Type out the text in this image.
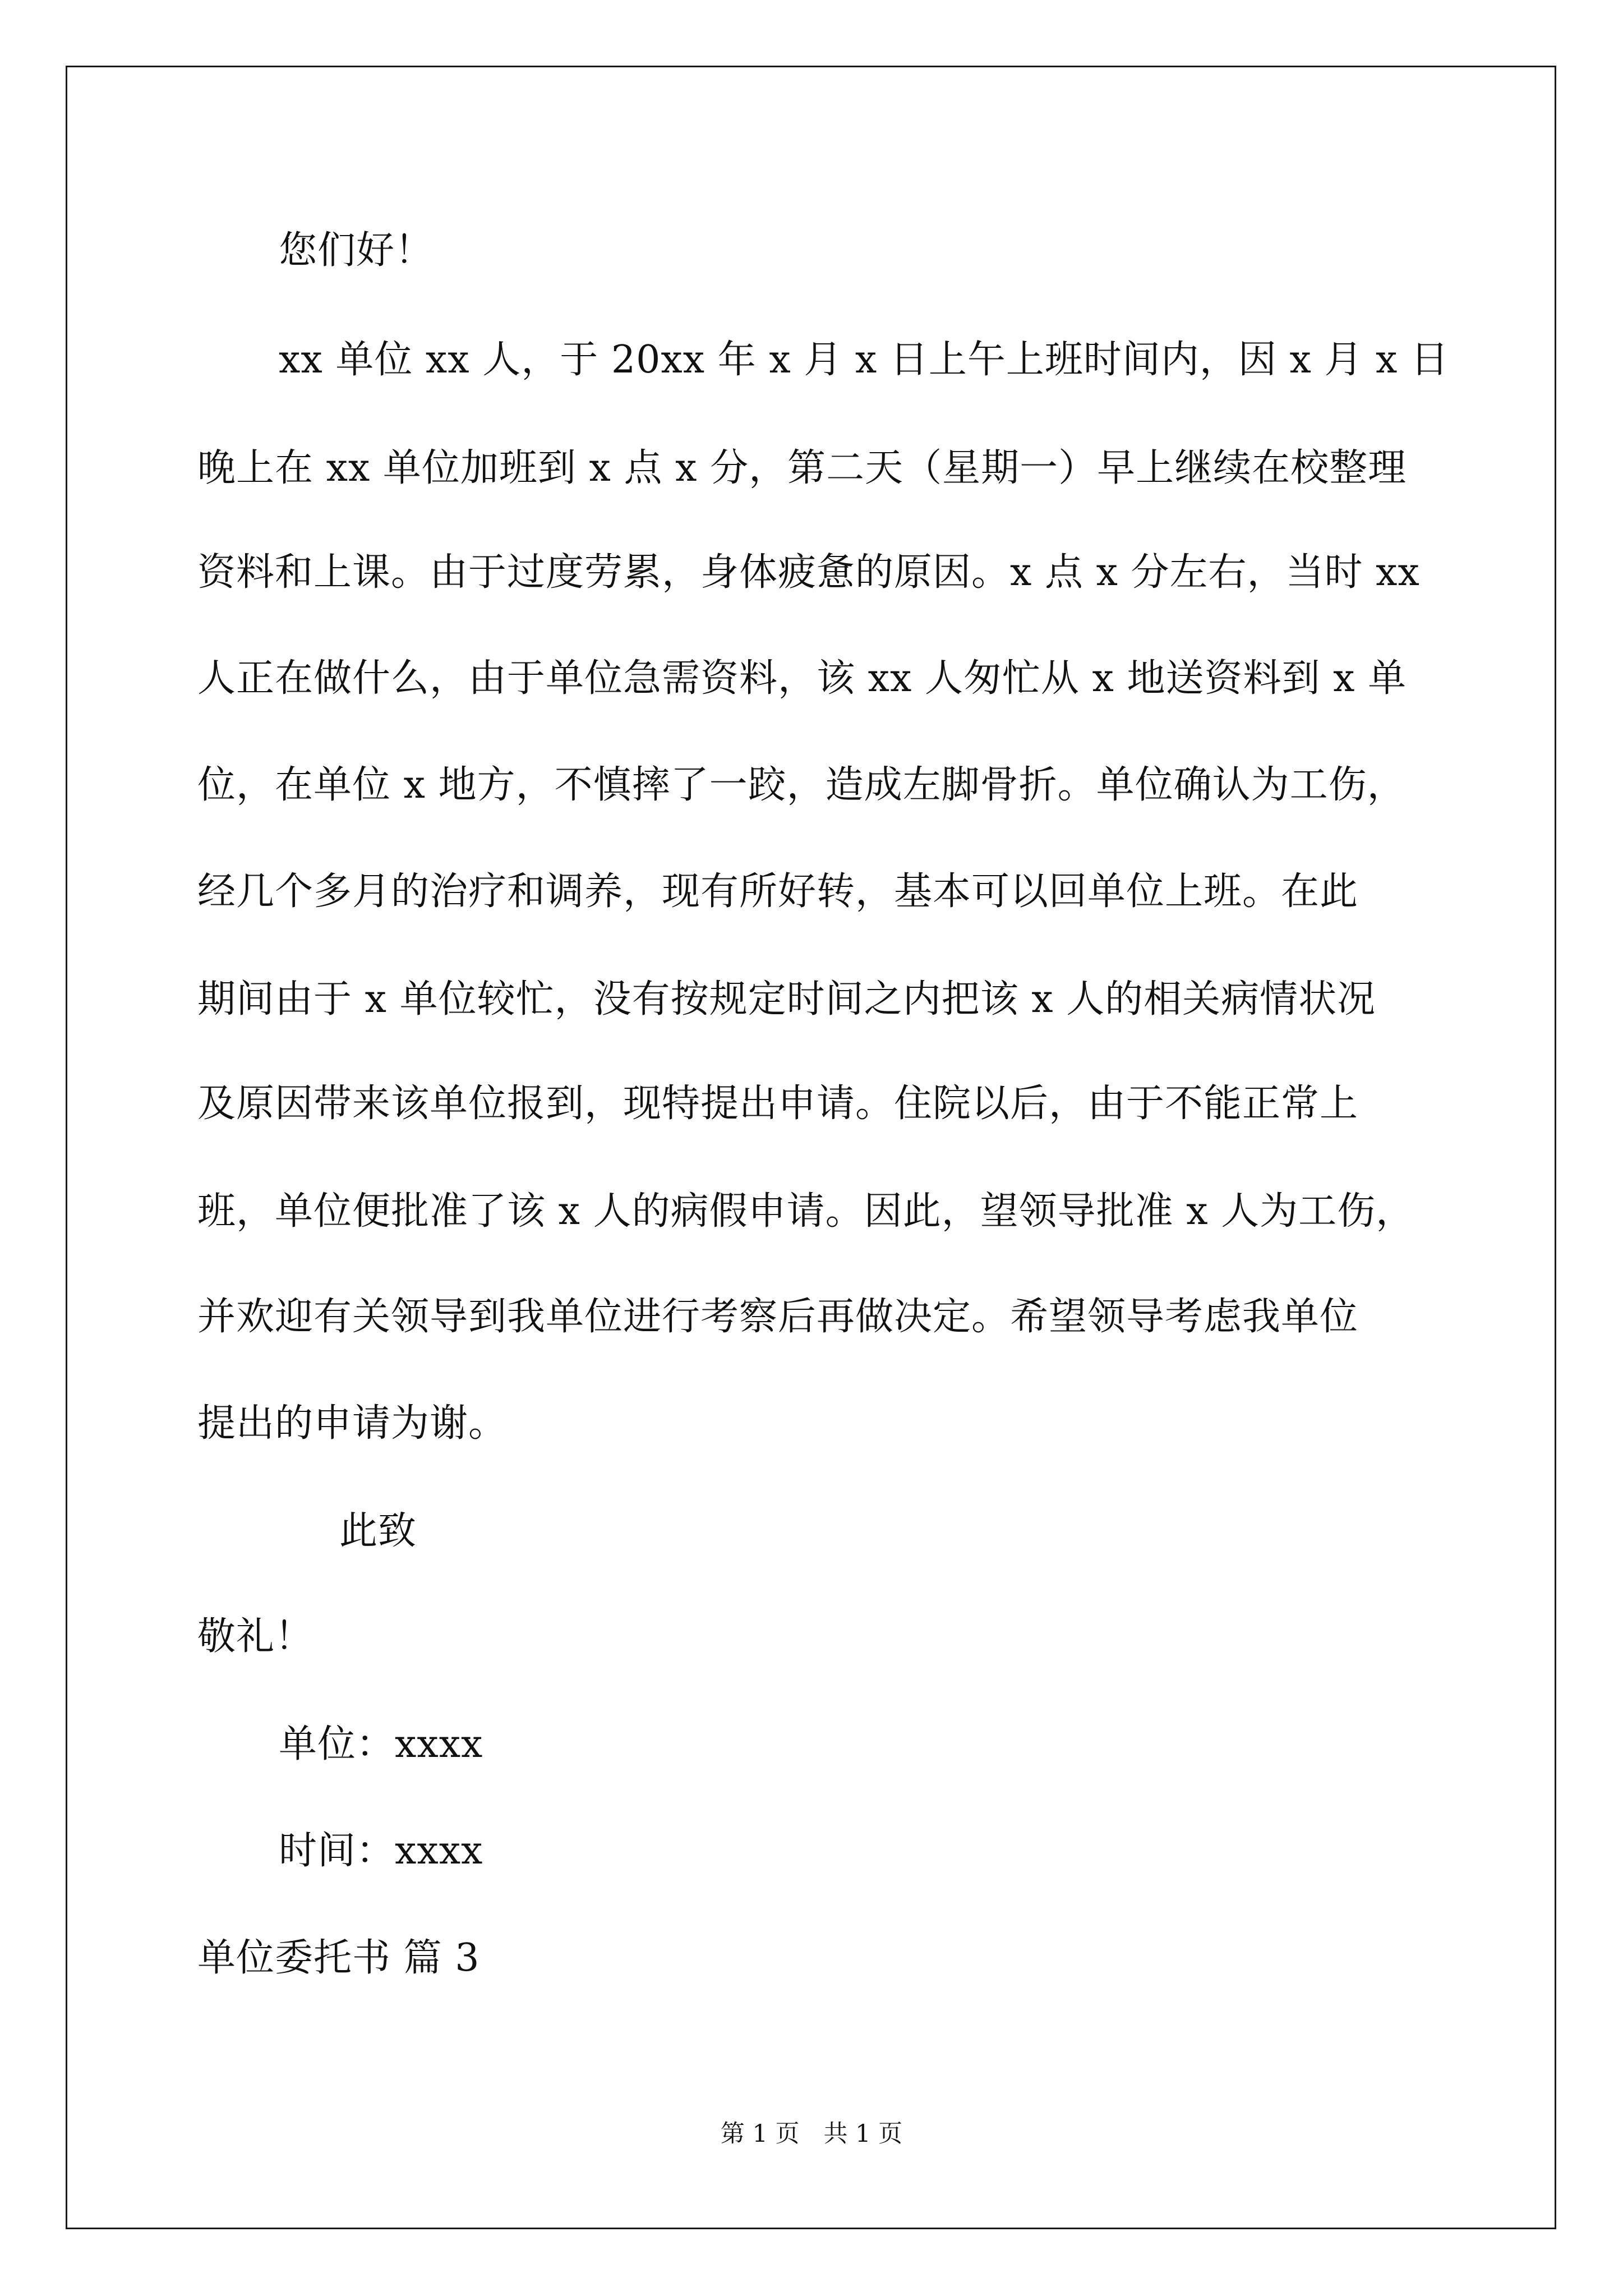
您们好！
xx 单位 xx 人，于 20xx 年 x 月 x 日上午上班时间内，因 x 月 x 日
晚上在 xx 单位加班到 x 点 x 分，第二天（星期一）早上继续在校整理
资料和上课。由于过度劳累，身体疲惫的原因。x 点 x 分左右，当时 xx
人正在做什么，由于单位急需资料，该 xx 人匆忙从 x 地送资料到 x 单
位，在单位 x 地方，不慎摔了一跤，造成左脚骨折。单位确认为工伤，
经几个多月的治疗和调养，现有所好转，基本可以回单位上班。在此
期间由于 x 单位较忙，没有按规定时间之内把该 x 人的相关病情状况
及原因带来该单位报到，现特提出申请。住院以后，由于不能正常上
班，单位便批准了该 x 人的病假申请。因此，望领导批准 x 人为工伤，
并欢迎有关领导到我单位进行考察后再做决定。希望领导考虑我单位
提出的申请为谢。
此致
敬礼！
单位：xxxx
时间：xxxx
单位委托书 篇 3
第 1 页　共 1 页
